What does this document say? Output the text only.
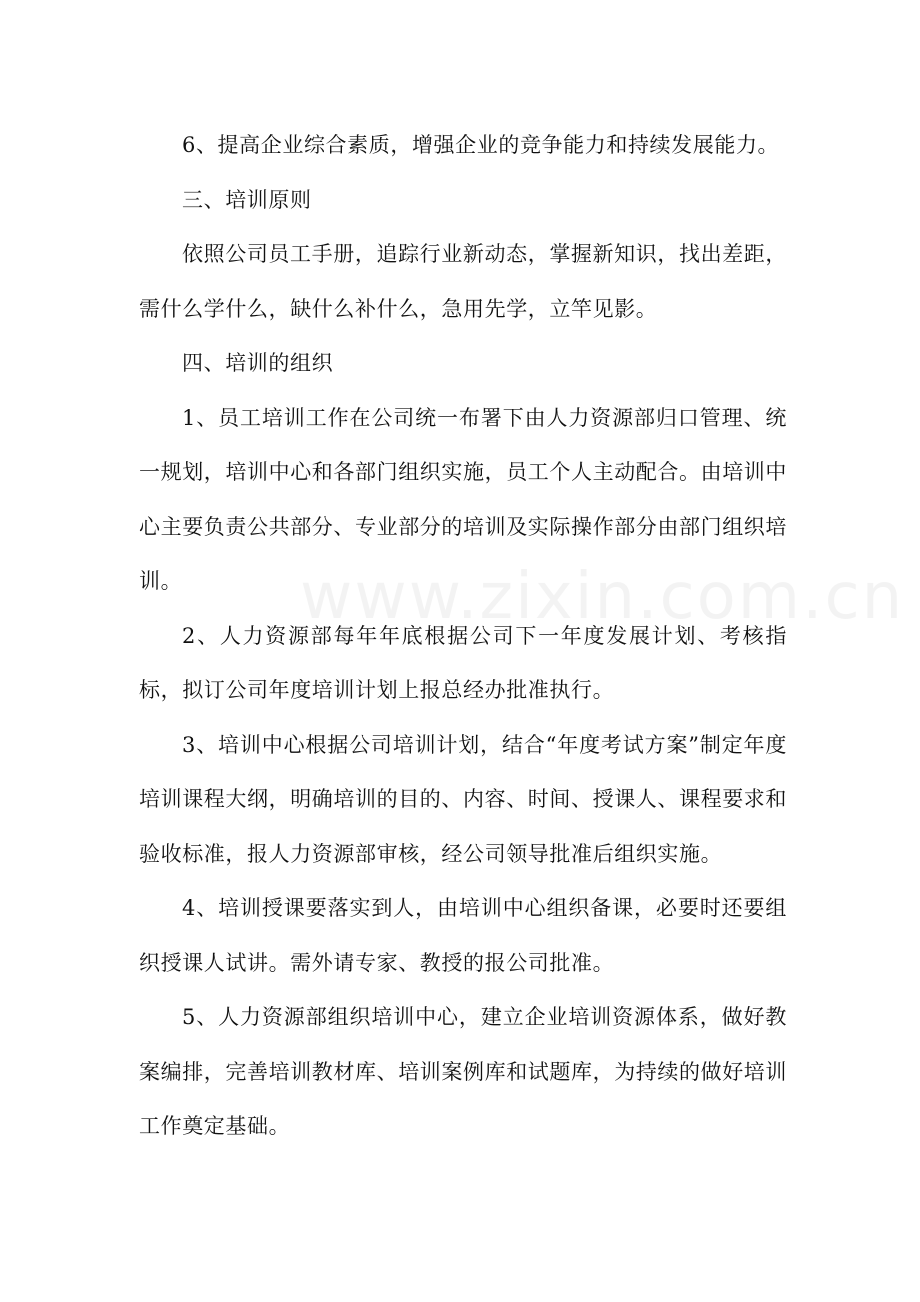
6、提高企业综合素质，增强企业的竞争能力和持续发展能力。

三、培训原则

依照公司员工手册，追踪行业新动态，掌握新知识，找出差距，需什么学什么，缺什么补什么，急用先学，立竿见影。

四、培训的组织

1、员工培训工作在公司统一布署下由人力资源部归口管理、统一规划，培训中心和各部门组织实施，员工个人主动配合。由培训中心主要负责公共部分、专业部分的培训及实际操作部分由部门组织培训。

2、人力资源部每年年底根据公司下一年度发展计划、考核指标，拟订公司年度培训计划上报总经办批准执行。

3、培训中心根据公司培训计划，结合“年度考试方案”制定年度培训课程大纲，明确培训的目的、内容、时间、授课人、课程要求和验收标准，报人力资源部审核，经公司领导批准后组织实施。

4、培训授课要落实到人，由培训中心组织备课，必要时还要组织授课人试讲。需外请专家、教授的报公司批准。

5、人力资源部组织培训中心，建立企业培训资源体系，做好教案编排，完善培训教材库、培训案例库和试题库，为持续的做好培训工作奠定基础。
